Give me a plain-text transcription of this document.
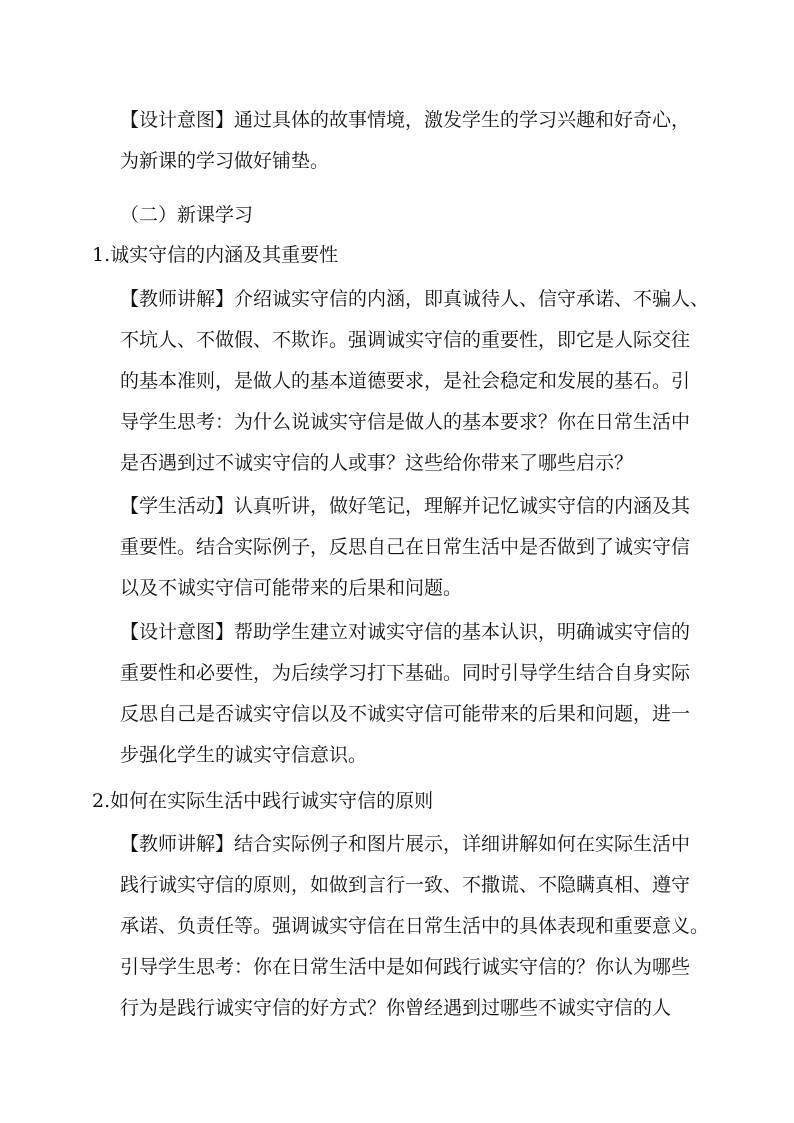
【设计意图】通过具体的故事情境，激发学生的学习兴趣和好奇心，
为新课的学习做好铺垫。
（二）新课学习
1.诚实守信的内涵及其重要性
【教师讲解】介绍诚实守信的内涵，即真诚待人、信守承诺、不骗人、
不坑人、不做假、不欺诈。强调诚实守信的重要性，即它是人际交往
的基本准则，是做人的基本道德要求，是社会稳定和发展的基石。引
导学生思考：为什么说诚实守信是做人的基本要求？你在日常生活中
是否遇到过不诚实守信的人或事？这些给你带来了哪些启示？
【学生活动】认真听讲，做好笔记，理解并记忆诚实守信的内涵及其
重要性。结合实际例子，反思自己在日常生活中是否做到了诚实守信
以及不诚实守信可能带来的后果和问题。
【设计意图】帮助学生建立对诚实守信的基本认识，明确诚实守信的
重要性和必要性，为后续学习打下基础。同时引导学生结合自身实际
反思自己是否诚实守信以及不诚实守信可能带来的后果和问题，进一
步强化学生的诚实守信意识。
2.如何在实际生活中践行诚实守信的原则
【教师讲解】结合实际例子和图片展示，详细讲解如何在实际生活中
践行诚实守信的原则，如做到言行一致、不撒谎、不隐瞒真相、遵守
承诺、负责任等。强调诚实守信在日常生活中的具体表现和重要意义。
引导学生思考：你在日常生活中是如何践行诚实守信的？你认为哪些
行为是践行诚实守信的好方式？你曾经遇到过哪些不诚实守信的人
